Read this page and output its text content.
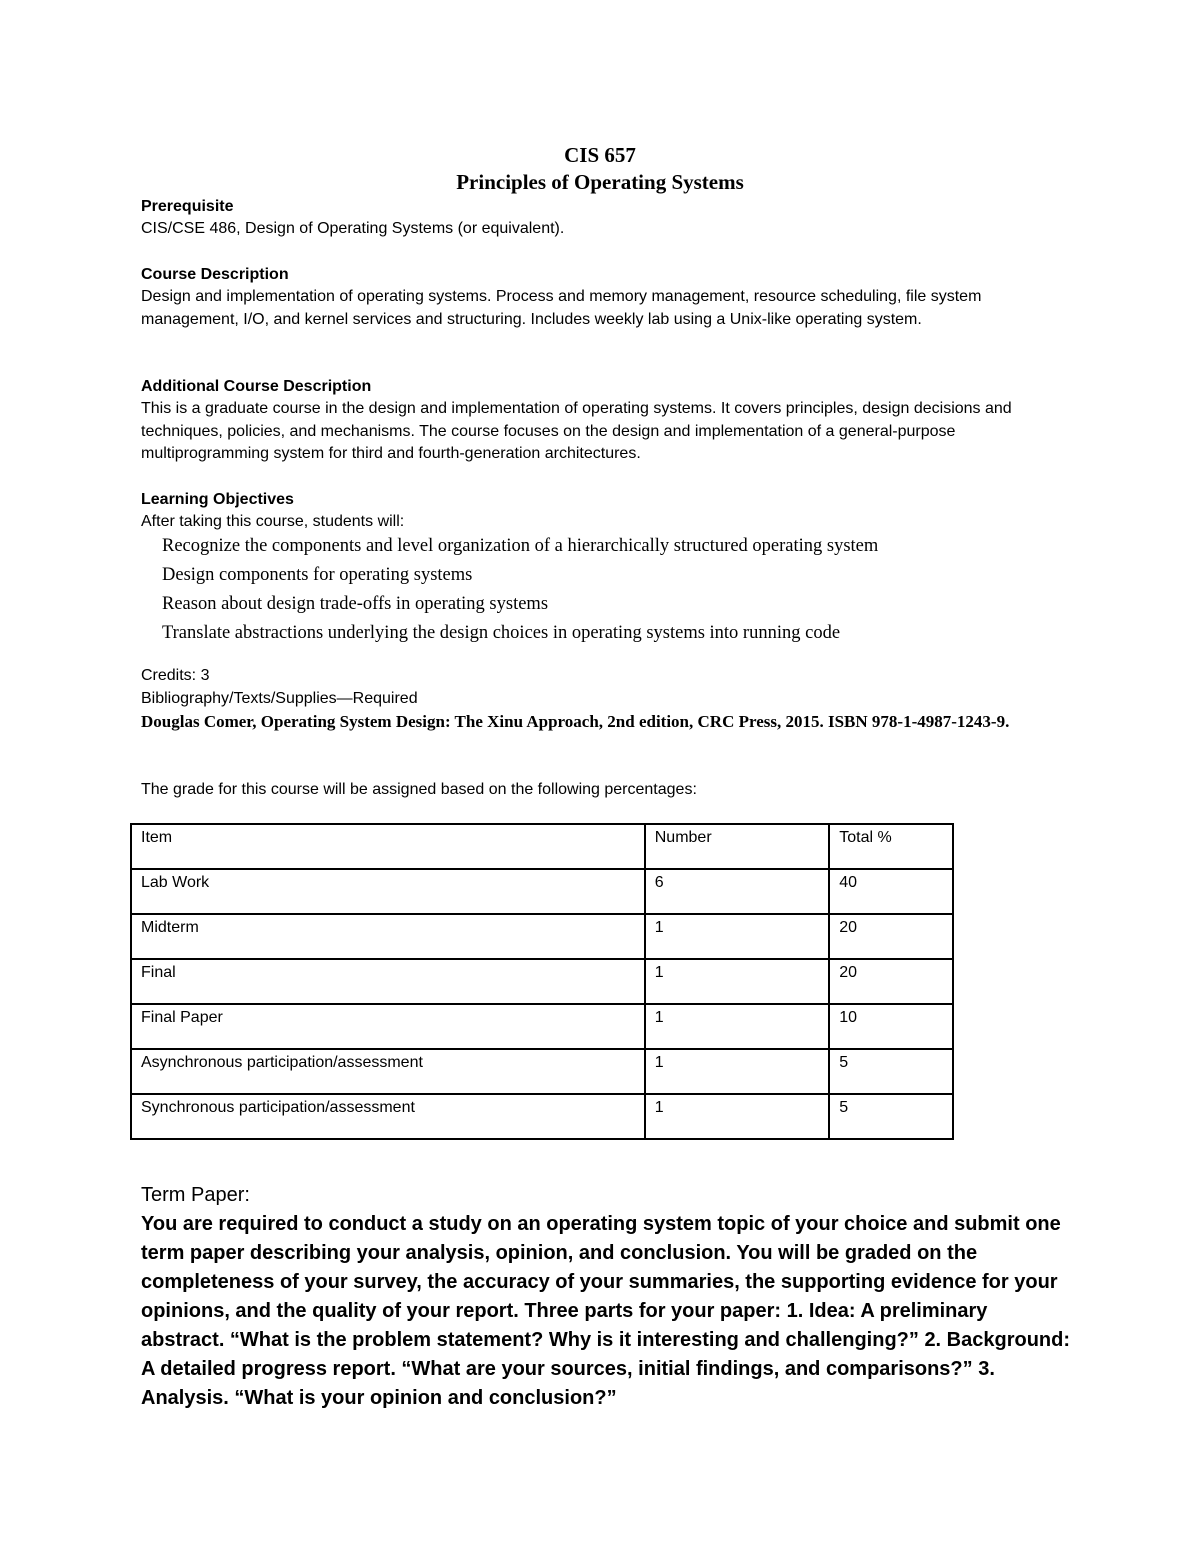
CIS 657
Principles of Operating Systems
Prerequisite
CIS/CSE 486, Design of Operating Systems (or equivalent).
Course Description
Design and implementation of operating systems. Process and memory management, resource scheduling, file system management, I/O, and kernel services and structuring. Includes weekly lab using a Unix-like operating system.
Additional Course Description
This is a graduate course in the design and implementation of operating systems. It covers principles, design decisions and techniques, policies, and mechanisms. The course focuses on the design and implementation of a general-purpose multiprogramming system for third and fourth-generation architectures.
Learning Objectives
After taking this course, students will:
Recognize the components and level organization of a hierarchically structured operating system
Design components for operating systems
Reason about design trade-offs in operating systems
Translate abstractions underlying the design choices in operating systems into running code
Credits: 3
Bibliography/Texts/Supplies—Required
Douglas Comer, Operating System Design: The Xinu Approach, 2nd edition, CRC Press, 2015. ISBN 978-1-4987-1243-9.
The grade for this course will be assigned based on the following percentages:
Item	Number	Total %
Lab Work	6	40
Midterm	1	20
Final	1	20
Final Paper	1	10
Asynchronous participation/assessment	1	5
Synchronous participation/assessment	1	5
Term Paper:
You are required to conduct a study on an operating system topic of your choice and submit one term paper describing your analysis, opinion, and conclusion. You will be graded on the completeness of your survey, the accuracy of your summaries, the supporting evidence for your opinions, and the quality of your report. Three parts for your paper: 1. Idea: A preliminary abstract. “What is the problem statement? Why is it interesting and challenging?” 2. Background: A detailed progress report. “What are your sources, initial findings, and comparisons?” 3. Analysis. “What is your opinion and conclusion?”
